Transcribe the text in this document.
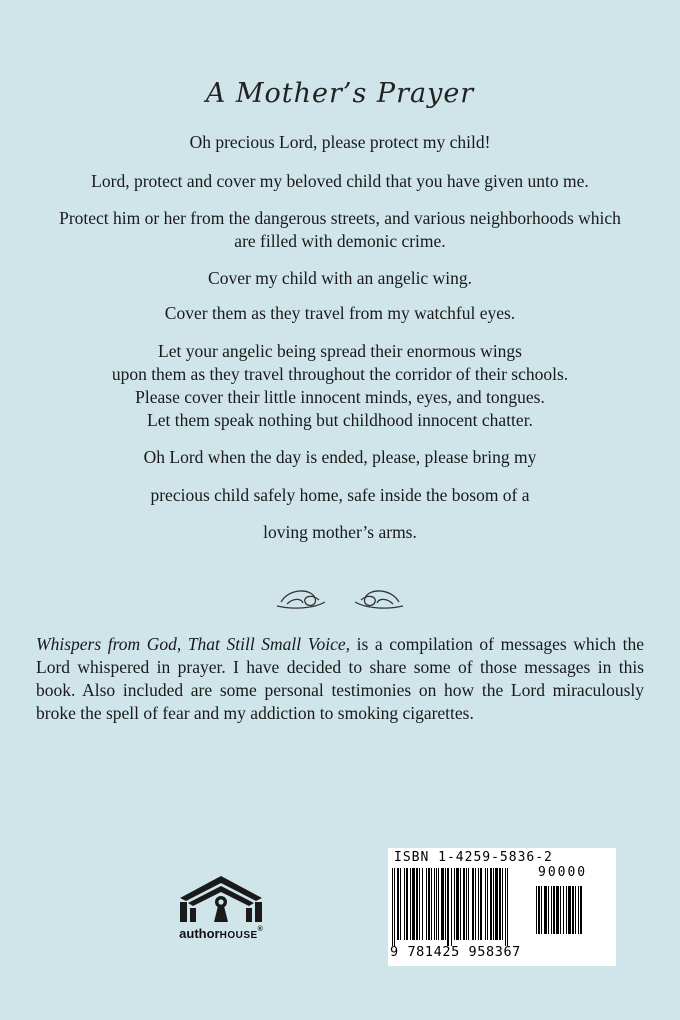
A Mother’s Prayer

Oh precious Lord, please protect my child!

Lord, protect and cover my beloved child that you have given unto me.

Protect him or her from the dangerous streets, and various neighborhoods which

are filled with demonic crime.

Cover my child with an angelic wing.

Cover them as they travel from my watchful eyes.

Let your angelic being spread their enormous wings

upon them as they travel throughout the corridor of their schools.

Please cover their little innocent minds, eyes, and tongues.

Let them speak nothing but childhood innocent chatter.

Oh Lord when the day is ended, please, please bring my

precious child safely home, safe inside the bosom of a

loving mother’s arms.

Whispers from God, That Still Small Voice, is a compilation of messages which the Lord whispered in prayer. I have decided to share some of those messages in this book. Also included are some personal testimonies on how the Lord miraculously broke the spell of fear and my addiction to smoking cigarettes.

authorHOUSE®
ISBN 1-4259-5836-2
90000
9 781425 958367
